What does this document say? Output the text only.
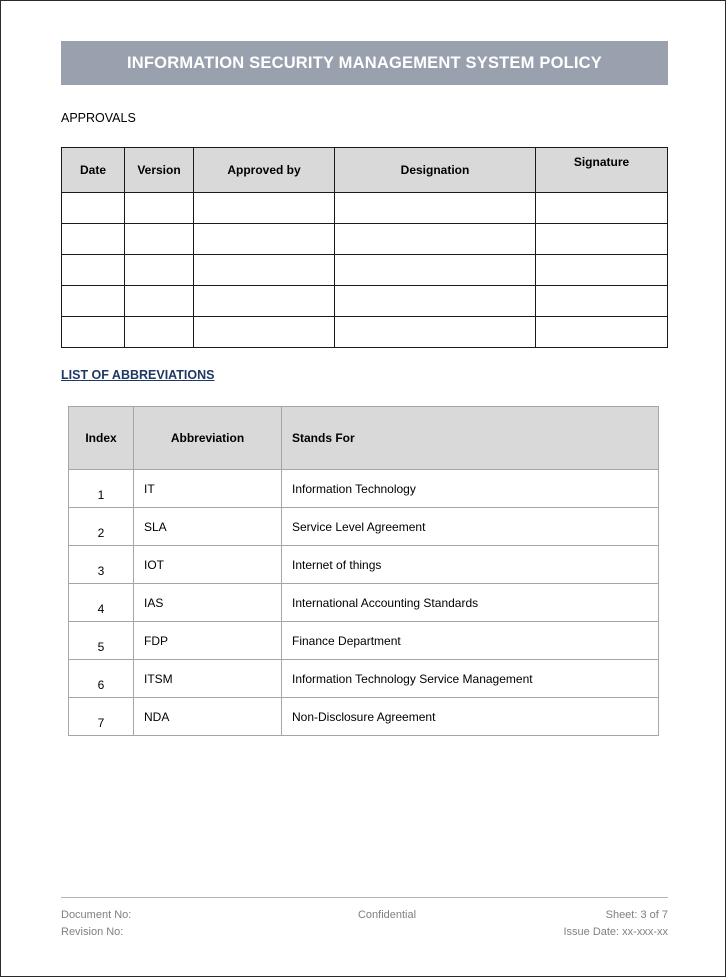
INFORMATION SECURITY MANAGEMENT SYSTEM POLICY
APPROVALS
Date	Version	Approved by	Designation	Signature

LIST OF ABBREVIATIONS
Index	Abbreviation	Stands For
1	IT	Information Technology
2	SLA	Service Level Agreement
3	IOT	Internet of things
4	IAS	International Accounting Standards
5	FDP	Finance Department
6	ITSM	Information Technology Service Management
7	NDA	Non-Disclosure Agreement
Document No:	Confidential	Sheet: 3 of 7
Revision No:	Issue Date: xx-xxx-xx
